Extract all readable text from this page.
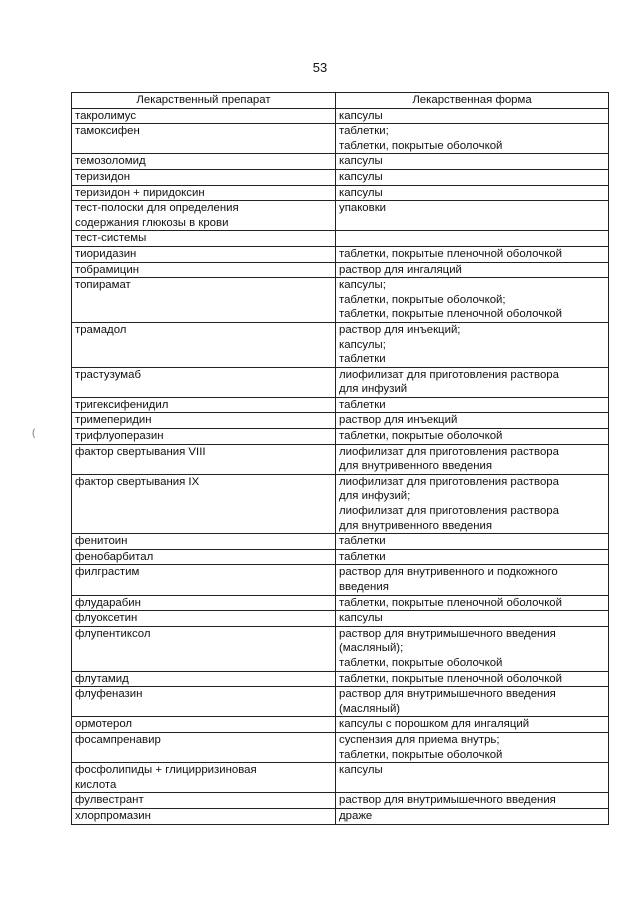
53
Лекарственный препарат	Лекарственная форма

такролимус	капсулы

тамоксифен	таблетки;
таблетки, покрытые оболочкой

темозоломид	капсулы

теризидон	капсулы

теризидон + пиридоксин	капсулы

тест-полоски для определения
содержания глюкозы в крови	упаковки

тест-системы	

тиоридазин	таблетки, покрытые пленочной оболочкой

тобрамицин	раствор для ингаляций

топирамат	капсулы;
таблетки, покрытые оболочкой;
таблетки, покрытые пленочной оболочкой

трамадол	раствор для инъекций;
капсулы;
таблетки

трастузумаб	лиофилизат для приготовления раствора
для инфузий

тригексифенидил	таблетки

тримеперидин	раствор для инъекций

трифлуоперазин	таблетки, покрытые оболочкой

фактор свертывания VIII	лиофилизат для приготовления раствора
для внутривенного введения

фактор свертывания IX	лиофилизат для приготовления раствора
для инфузий;
лиофилизат для приготовления раствора
для внутривенного введения

фенитоин	таблетки

фенобарбитал	таблетки

филграстим	раствор для внутривенного и подкожного
введения

флударабин	таблетки, покрытые пленочной оболочкой

флуоксетин	капсулы

флупентиксол	раствор для внутримышечного введения
(масляный);
таблетки, покрытые оболочкой

флутамид	таблетки, покрытые пленочной оболочкой

флуфеназин	раствор для внутримышечного введения
(масляный)

ормотерол	капсулы с порошком для ингаляций

фосампренавир	суспензия для приема внутрь;
таблетки, покрытые оболочкой

фосфолипиды + глицирризиновая
кислота	капсулы

фулвестрант	раствор для внутримышечного введения

хлорпромазин	драже
(
